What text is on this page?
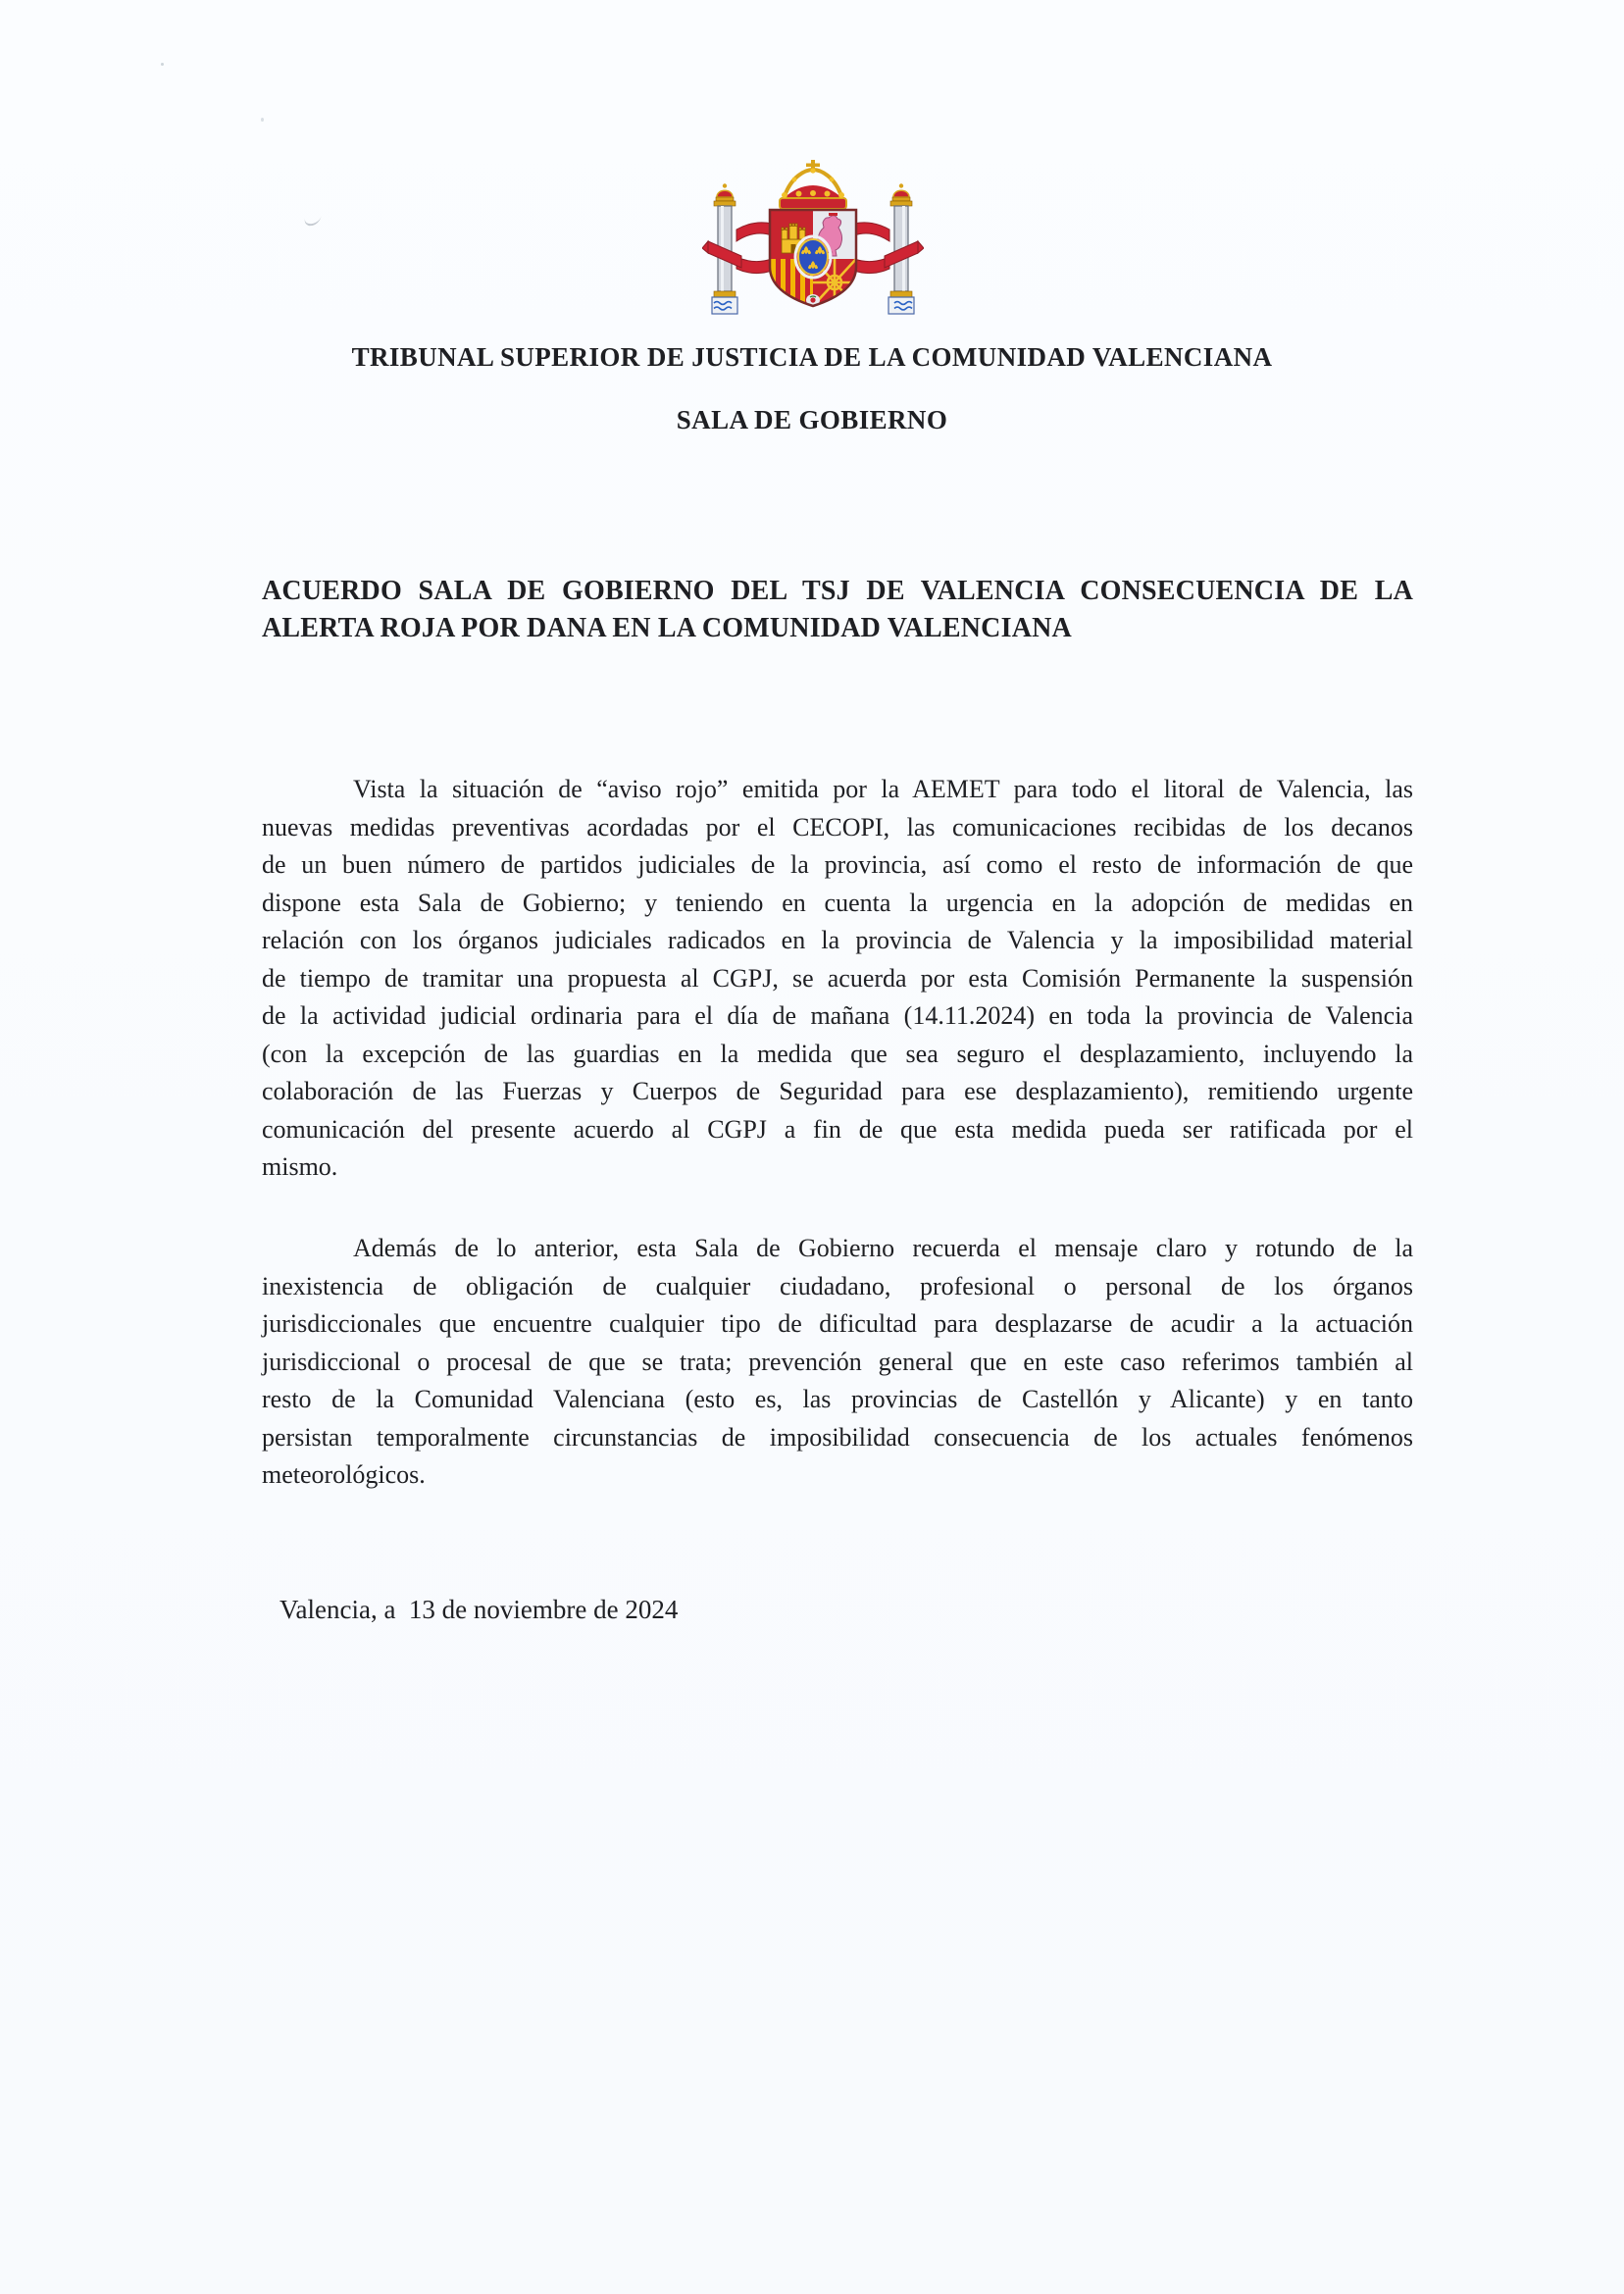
TRIBUNAL SUPERIOR DE JUSTICIA DE LA COMUNIDAD VALENCIANA
SALA DE GOBIERNO
ACUERDO SALA DE GOBIERNO DEL TSJ DE VALENCIA CONSECUENCIA DE LA
ALERTA ROJA POR DANA EN LA COMUNIDAD VALENCIANA
Vista la situación de “aviso rojo” emitida por la AEMET para todo el litoral de Valencia, las
nuevas medidas preventivas acordadas por el CECOPI, las comunicaciones recibidas de los decanos
de un buen número de partidos judiciales de la provincia, así como el resto de información de que
dispone esta Sala de Gobierno; y teniendo en cuenta la urgencia en la adopción de medidas en
relación con los órganos judiciales radicados en la provincia de Valencia y la imposibilidad material
de tiempo de tramitar una propuesta al CGPJ, se acuerda por esta Comisión Permanente la suspensión
de la actividad judicial ordinaria para el día de mañana (14.11.2024) en toda la provincia de Valencia
(con la excepción de las guardias en la medida que sea seguro el desplazamiento, incluyendo la
colaboración de las Fuerzas y Cuerpos de Seguridad para ese desplazamiento), remitiendo urgente
comunicación del presente acuerdo al CGPJ a fin de que esta medida pueda ser ratificada por el
mismo.
Además de lo anterior, esta Sala de Gobierno recuerda el mensaje claro y rotundo de la
inexistencia de obligación de cualquier ciudadano, profesional o personal de los órganos
jurisdiccionales que encuentre cualquier tipo de dificultad para desplazarse de acudir a la actuación
jurisdiccional o procesal de que se trata; prevención general que en este caso referimos también al
resto de la Comunidad Valenciana (esto es, las provincias de Castellón y Alicante) y en tanto
persistan temporalmente circunstancias de imposibilidad consecuencia de los actuales fenómenos
meteorológicos.
Valencia, a  13 de noviembre de 2024
